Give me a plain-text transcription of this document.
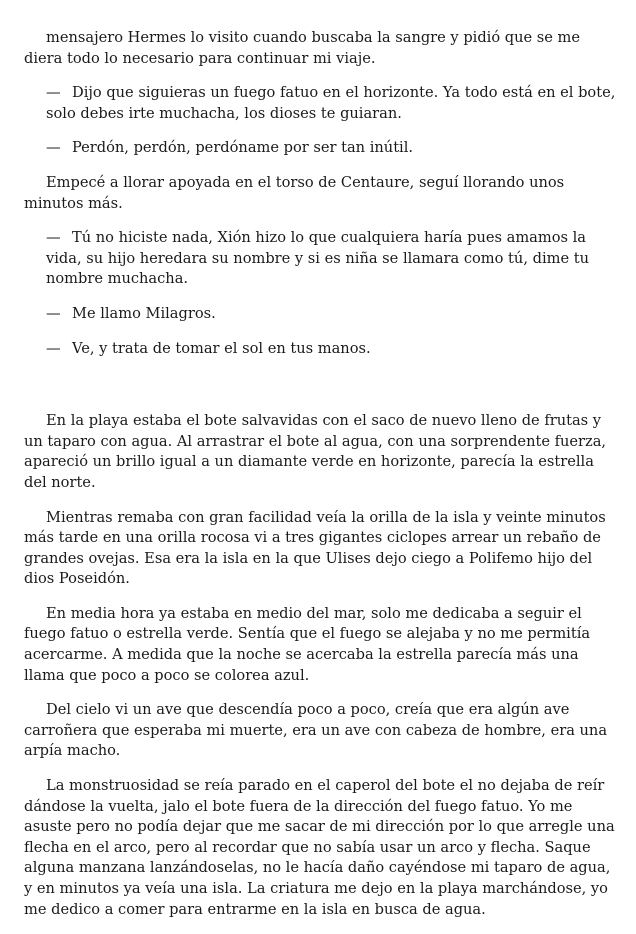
mensajero Hermes lo visito cuando buscaba la sangre y pidió que se me diera todo lo necesario para continuar mi viaje.

— Dijo que siguieras un fuego fatuo en el horizonte. Ya todo está en el bote, solo debes irte muchacha, los dioses te guiaran.

— Perdón, perdón, perdóname por ser tan inútil.

Empecé a llorar apoyada en el torso de Centaure, seguí llorando unos minutos más.

— Tú no hiciste nada, Xión hizo lo que cualquiera haría pues amamos la vida, su hijo heredara su nombre y si es niña se llamara como tú, dime tu nombre muchacha.

— Me llamo Milagros.

— Ve, y trata de tomar el sol en tus manos.

En la playa estaba el bote salvavidas con el saco de nuevo lleno de frutas y un taparo con agua. Al arrastrar el bote al agua, con una sorprendente fuerza, apareció un brillo igual a un diamante verde en horizonte, parecía la estrella del norte.

Mientras remaba con gran facilidad veía la orilla de la isla y veinte minutos más tarde en una orilla rocosa vi a tres gigantes ciclopes arrear un rebaño de grandes ovejas. Esa era la isla en la que Ulises dejo ciego a Polifemo hijo del dios Poseidón.

En media hora ya estaba en medio del mar, solo me dedicaba a seguir el fuego fatuo o estrella verde. Sentía que el fuego se alejaba y no me permitía acercarme. A medida que la noche se acercaba la estrella parecía más una llama que poco a poco se colorea azul.

Del cielo vi un ave que descendía poco a poco, creía que era algún ave carroñera que esperaba mi muerte, era un ave con cabeza de hombre, era una arpía macho.

La monstruosidad se reía parado en el caperol del bote el no dejaba de reír dándose la vuelta, jalo el bote fuera de la dirección del fuego fatuo. Yo me asuste pero no podía dejar que me sacar de mi dirección por lo que arregle una flecha en el arco, pero al recordar que no sabía usar un arco y flecha. Saque alguna manzana lanzándoselas, no le hacía daño cayéndose mi taparo de agua, y en minutos ya veía una isla. La criatura me dejo en la playa marchándose, yo me dedico a comer para entrarme en la isla en busca de agua.
